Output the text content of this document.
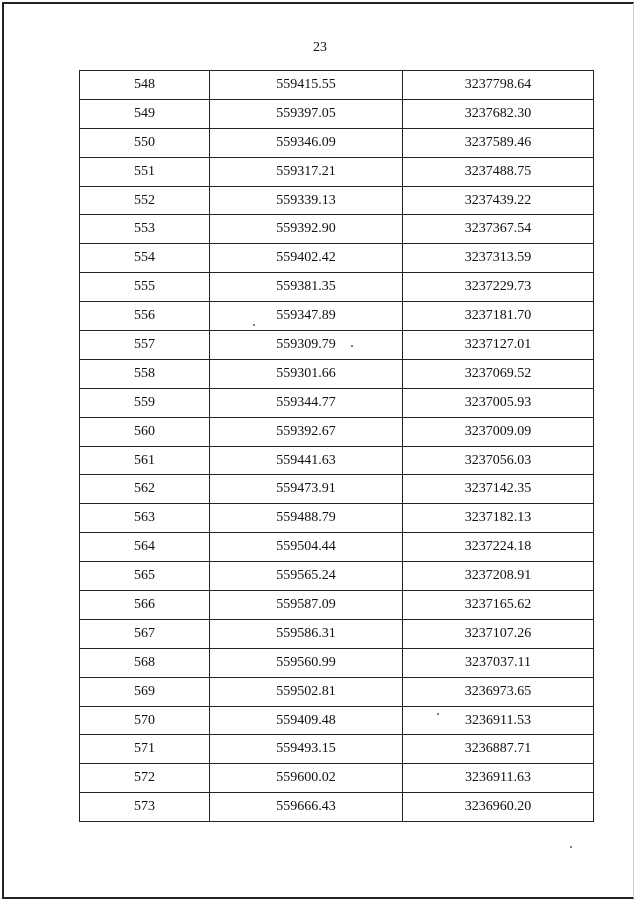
23
548	559415.55	3237798.64
549	559397.05	3237682.30
550	559346.09	3237589.46
551	559317.21	3237488.75
552	559339.13	3237439.22
553	559392.90	3237367.54
554	559402.42	3237313.59
555	559381.35	3237229.73
556	559347.89	3237181.70
557	559309.79	3237127.01
558	559301.66	3237069.52
559	559344.77	3237005.93
560	559392.67	3237009.09
561	559441.63	3237056.03
562	559473.91	3237142.35
563	559488.79	3237182.13
564	559504.44	3237224.18
565	559565.24	3237208.91
566	559587.09	3237165.62
567	559586.31	3237107.26
568	559560.99	3237037.11
569	559502.81	3236973.65
570	559409.48	3236911.53
571	559493.15	3236887.71
572	559600.02	3236911.63
573	559666.43	3236960.20
